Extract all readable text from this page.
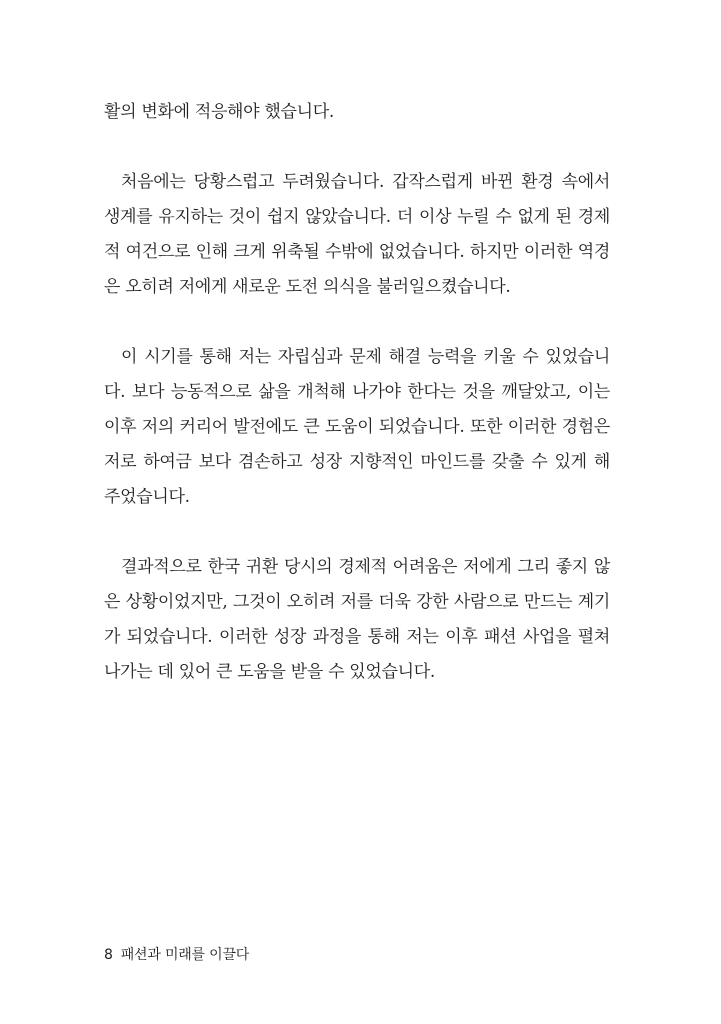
활의 변화에 적응해야 했습니다.

처음에는 당황스럽고 두려웠습니다. 갑작스럽게 바뀐 환경 속에서 생계를 유지하는 것이 쉽지 않았습니다. 더 이상 누릴 수 없게 된 경제적 여건으로 인해 크게 위축될 수밖에 없었습니다. 하지만 이러한 역경은 오히려 저에게 새로운 도전 의식을 불러일으켰습니다.

이 시기를 통해 저는 자립심과 문제 해결 능력을 키울 수 있었습니다. 보다 능동적으로 삶을 개척해 나가야 한다는 것을 깨달았고, 이는 이후 저의 커리어 발전에도 큰 도움이 되었습니다. 또한 이러한 경험은 저로 하여금 보다 겸손하고 성장 지향적인 마인드를 갖출 수 있게 해 주었습니다.

결과적으로 한국 귀환 당시의 경제적 어려움은 저에게 그리 좋지 않은 상황이었지만, 그것이 오히려 저를 더욱 강한 사람으로 만드는 계기가 되었습니다. 이러한 성장 과정을 통해 저는 이후 패션 사업을 펼쳐 나가는 데 있어 큰 도움을 받을 수 있었습니다.

8 패션과 미래를 이끌다
